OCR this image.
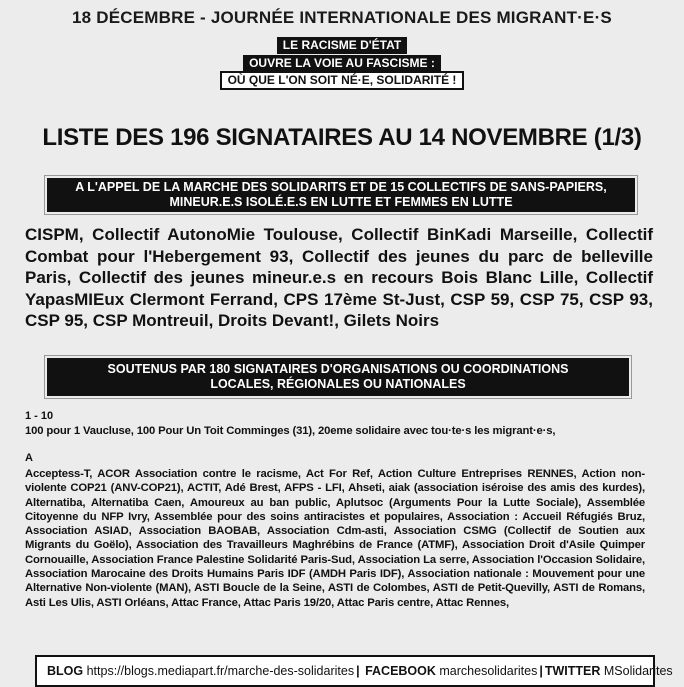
18 DÉCEMBRE - JOURNÉE INTERNATIONALE DES MIGRANT·E·S
LE RACISME D'ÉTAT
OUVRE LA VOIE AU FASCISME :
OÙ QUE L'ON SOIT NÉ·E, SOLIDARITÉ !
LISTE DES 196 SIGNATAIRES AU 14 NOVEMBRE (1/3)
A L'APPEL DE LA MARCHE DES SOLIDARITS ET DE 15 COLLECTIFS DE SANS-PAPIERS,
MINEUR.E.S ISOLÉ.E.S EN LUTTE ET FEMMES EN LUTTE
CISPM, Collectif AutonoMie Toulouse, Collectif BinKadi Marseille, Collectif Combat pour l'Hebergement 93, Collectif des jeunes du parc de belleville Paris, Collectif des jeunes mineur.e.s en recours Bois Blanc Lille, Collectif YapasMIEux Clermont Ferrand, CPS 17ème St-Just, CSP 59, CSP 75, CSP 93, CSP 95, CSP Montreuil, Droits Devant!, Gilets Noirs
SOUTENUS PAR 180 SIGNATAIRES D'ORGANISATIONS OU COORDINATIONS
LOCALES, RÉGIONALES OU NATIONALES
1 - 10
100 pour 1 Vaucluse, 100 Pour Un Toit Comminges (31), 20eme solidaire avec tou·te·s les migrant·e·s,
A
Acceptess-T, ACOR Association contre le racisme, Act For Ref, Action Culture Entreprises RENNES, Action non-violente COP21 (ANV-COP21), ACTIT, Adé Brest, AFPS - LFI, Ahseti, aiak (association iséroise des amis des kurdes), Alternatiba, Alternatiba Caen, Amoureux au ban public, Aplutsoc (Arguments Pour la Lutte Sociale), Assemblée Citoyenne du NFP Ivry, Assemblée pour des soins antiracistes et populaires, Association : Accueil Réfugiés Bruz, Association ASIAD, Association BAOBAB, Association Cdm-asti, Association CSMG (Collectif de Soutien aux Migrants du Goëlo), Association des Travailleurs Maghrébins de France (ATMF), Association Droit d'Asile Quimper Cornouaille, Association France Palestine Solidarité Paris-Sud, Association La serre, Association l'Occasion Solidaire, Association Marocaine des Droits Humains Paris IDF (AMDH Paris IDF), Association nationale : Mouvement pour une Alternative Non-violente (MAN), ASTI Boucle de la Seine, ASTI de Colombes, ASTI de Petit-Quevilly, ASTI de Romans, Asti Les Ulis, ASTI Orléans, Attac France, Attac Paris 19/20, Attac Paris centre, Attac Rennes,
BLOG https://blogs.mediapart.fr/marche-des-solidarites | FACEBOOK marchesolidarites | TWITTER MSolidarites
